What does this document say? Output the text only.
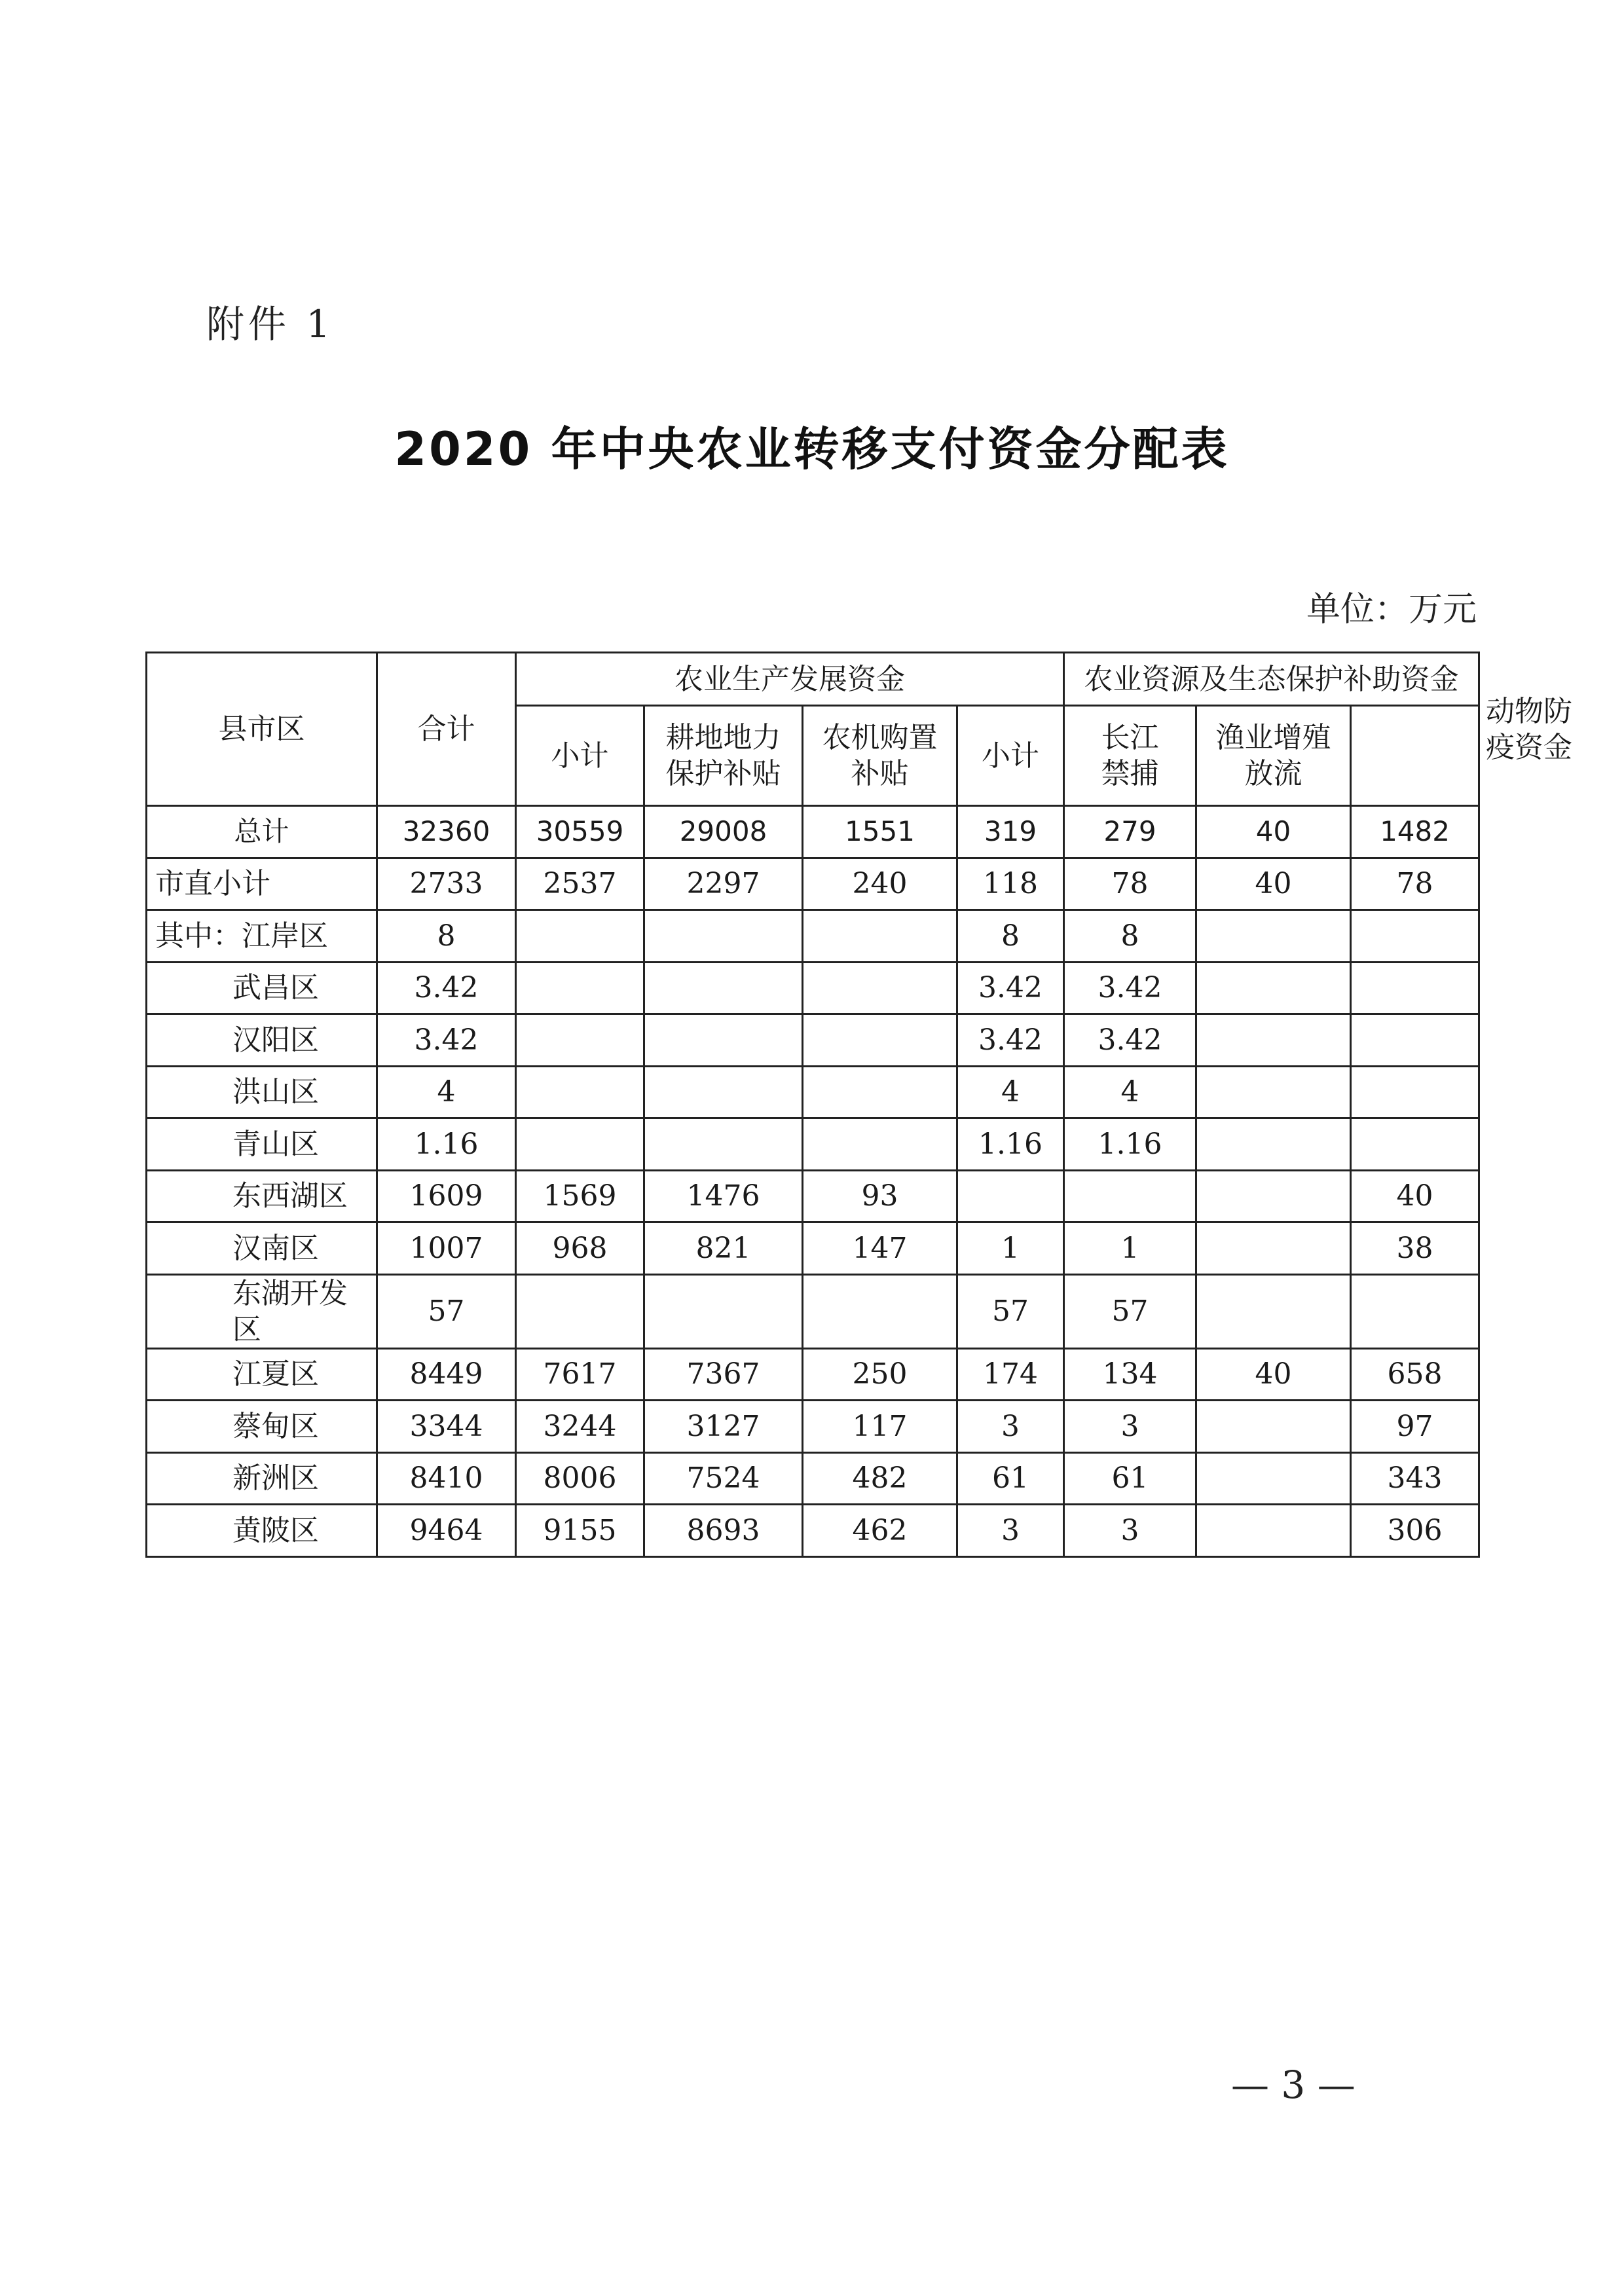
附件 1
2020 年中央农业转移支付资金分配表
单位：万元
县市区	合计	农业生产发展资金				农业资源及生态保护补助资金			动物防疫资金
		小计	耕地地力保护补贴	农机购置补贴	小计	长江禁捕	渔业增殖放流		
总计	32360	30559	29008	1551	319	279	40	1482	
市直小计	2733	2537	2297	240	118	78	40	78	
其中：江岸区	8				8	8			
武昌区	3.42				3.42	3.42			
汉阳区	3.42				3.42	3.42			
洪山区	4				4	4			
青山区	1.16				1.16	1.16			
东西湖区	1609	1569	1476	93				40	
汉南区	1007	968	821	147	1	1		38	
东湖开发区	57				57	57			
江夏区	8449	7617	7367	250	174	134	40	658	
蔡甸区	3344	3244	3127	117	3	3		97	
新洲区	8410	8006	7524	482	61	61		343	
黄陂区	9464	9155	8693	462	3	3		306	
— 3 —
